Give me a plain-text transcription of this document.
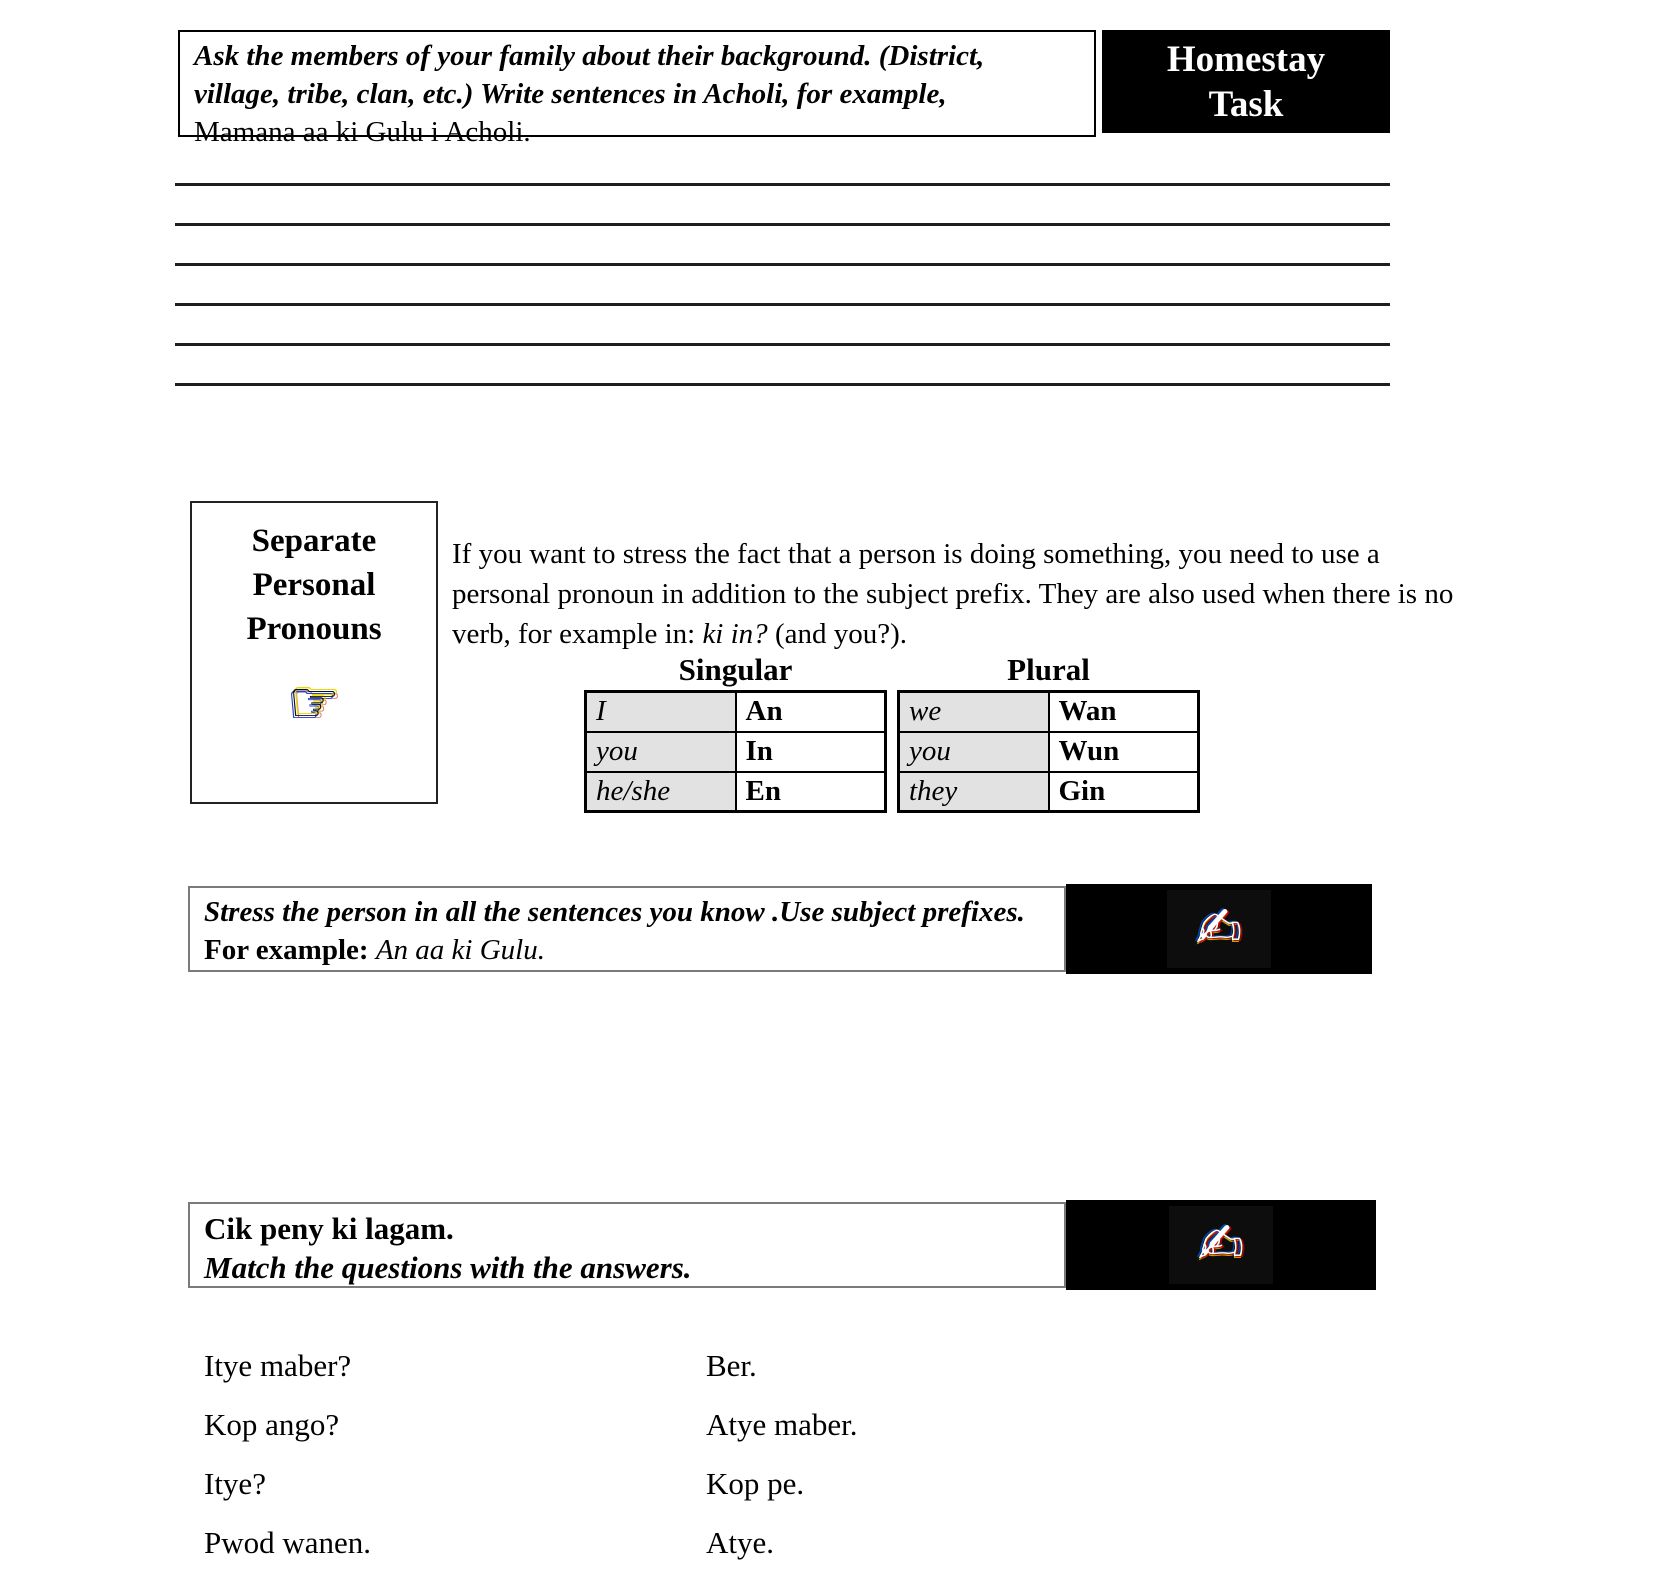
Ask the members of your family about their background. (District,
village, tribe, clan, etc.) Write sentences in Acholi, for example,
Mamana aa ki Gulu i Acholi.
Homestay
Task
Separate
Personal
Pronouns
☞
If you want to stress the fact that a person is doing something, you need to use a personal pronoun in addition to the subject prefix. They are also used when there is no verb, for example in: ki in? (and you?).
Singular	Plural
I	An
you	In
he/she	En
we	Wan
you	Wun
they	Gin
Stress the person in all the sentences you know .Use subject prefixes. For example: An aa ki Gulu.	✍
Cik peny ki lagam.
Match the questions with the answers.	✍
Itye maber?	Ber.
Kop ango?	Atye maber.
Itye?	Kop pe.
Pwod wanen.	Atye.
